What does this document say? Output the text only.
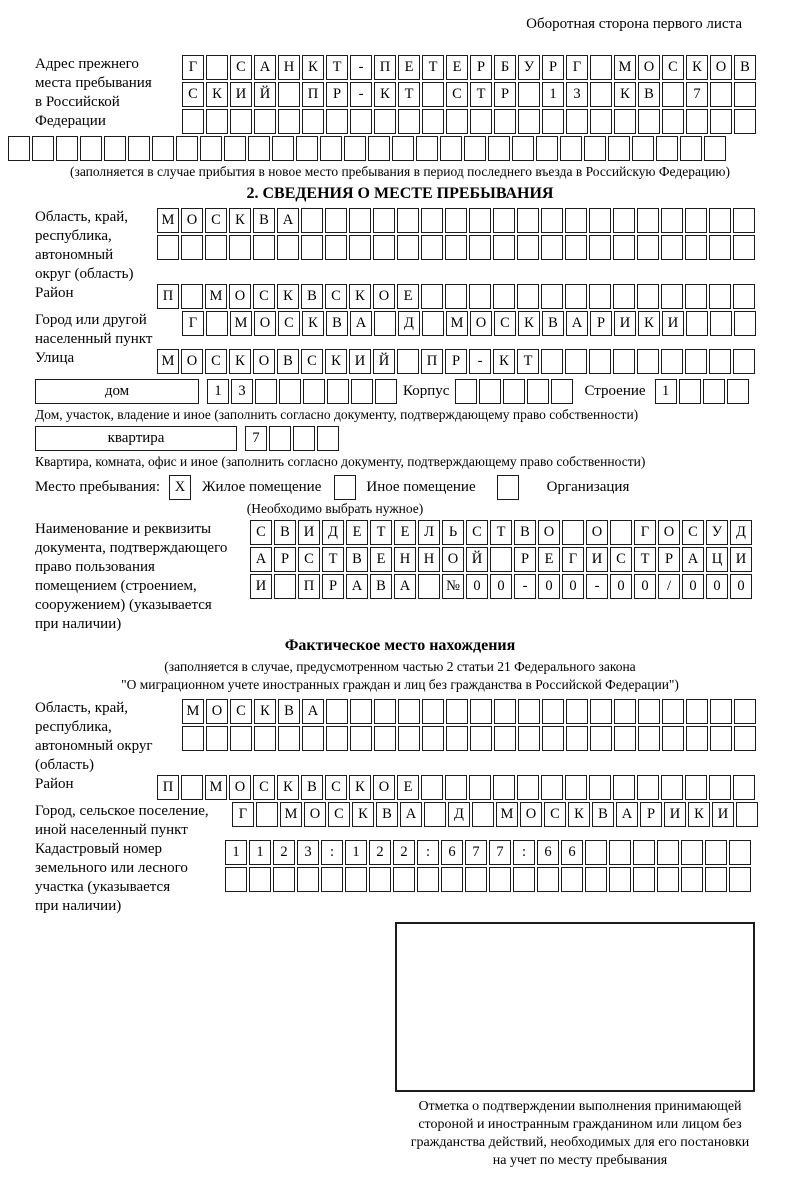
Оборотная сторона первого листа
Адрес прежнего
места пребывания
в Российской
Федерации
Г	С А Н К	Т	-	П Е	Т	Е	Р	Б	У	Р	Г	М О С К О В
С К И Й	П	Р	-	К	Т	С	Т	Р	1	3	К В	7
(заполняется в случае прибытия в новое место пребывания в период последнего въезда в Российскую Федерацию)
2. СВЕДЕНИЯ О МЕСТЕ ПРЕБЫВАНИЯ
Область, край,
республика,
автономный
округ (область)
М О С К В А
Район	П	М О С К В С К О Е
Город или другой
населенный пункт
Г	М О С К В А	Д	М О С К В А	Р	И К И
Улица	М О С К О В С К И Й	П	Р	-	К	Т
дом	1	3	Корпус	Строение	1
Дом, участок, владение и иное (заполнить согласно документу, подтверждающему право собственности)
квартира	7
Квартира, комната, офис и иное (заполнить согласно документу, подтверждающему право собственности)
Место пребывания:	X	Жилое помещение	Иное помещение	Организация
(Необходимо выбрать нужное)
Наименование и реквизиты
документа, подтверждающего
право пользования
помещением (строением,
сооружением) (указывается
при наличии)
С В И Д	Е	Т	Е	Л	Ь	С	Т	В О	О	Г	О С У Д
А	Р	С	Т	В	Е Н Н О Й	Р	Е	Г	И С	Т	Р	А Ц И
И	П	Р	А В А	№ 0	0	-	0	0	-	0	0	/	0	0	0
Фактическое место нахождения
(заполняется в случае, предусмотренном частью 2 статьи 21 Федерального закона
"О миграционном учете иностранных граждан и лиц без гражданства в Российской Федерации")
Область, край,
республика,
автономный округ
(область)
М О С К В А
Район	П	М О С К В С К О Е
Город, сельское поселение,
иной населенный пункт
Г	М О С К В А	Д	М О С К В А	Р	И К И
Кадастровый номер
земельного или лесного
участка (указывается
при наличии)
1	1	2	3	:	1	2	2	:	6	7	7	:	6	6
Отметка о подтверждении выполнения принимающей
стороной и иностранным гражданином или лицом без
гражданства действий, необходимых для его постановки
на учет по месту пребывания
